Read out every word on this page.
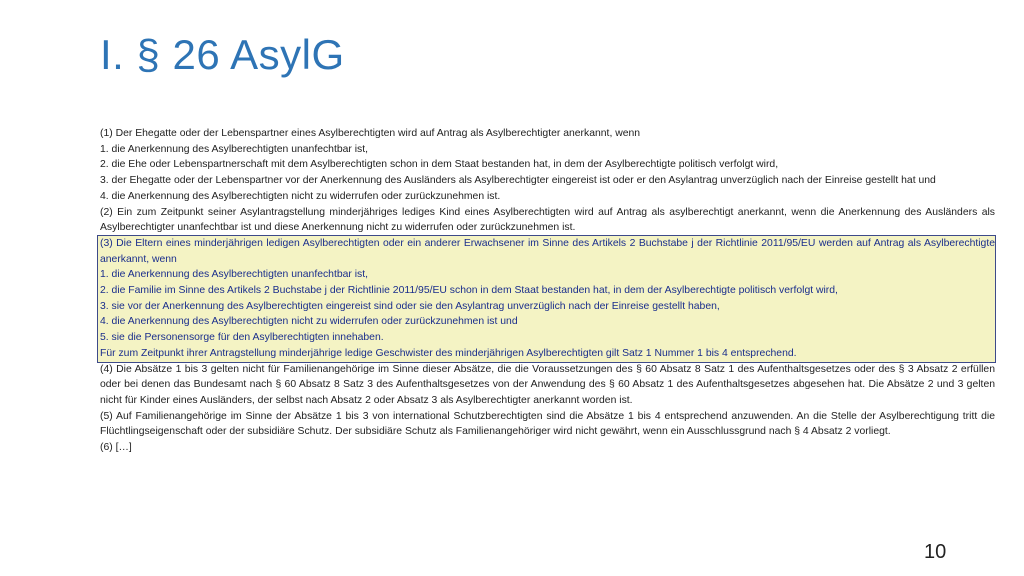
I. § 26 AsylG

(1) Der Ehegatte oder der Lebenspartner eines Asylberechtigten wird auf Antrag als Asylberechtigter anerkannt, wenn

1. die Anerkennung des Asylberechtigten unanfechtbar ist,

2. die Ehe oder Lebenspartnerschaft mit dem Asylberechtigten schon in dem Staat bestanden hat, in dem der Asylberechtigte politisch verfolgt wird,

3. der Ehegatte oder der Lebenspartner vor der Anerkennung des Ausländers als Asylberechtigter eingereist ist oder er den Asylantrag unverzüglich nach der Einreise gestellt hat und

4. die Anerkennung des Asylberechtigten nicht zu widerrufen oder zurückzunehmen ist.

(2) Ein zum Zeitpunkt seiner Asylantragstellung minderjähriges lediges Kind eines Asylberechtigten wird auf Antrag als asylberechtigt anerkannt, wenn die Anerkennung des Ausländers als Asylberechtigter unanfechtbar ist und diese Anerkennung nicht zu widerrufen oder zurückzunehmen ist.

(3) Die Eltern eines minderjährigen ledigen Asylberechtigten oder ein anderer Erwachsener im Sinne des Artikels 2 Buchstabe j der Richtlinie 2011/95/EU werden auf Antrag als Asylberechtigte anerkannt, wenn

1. die Anerkennung des Asylberechtigten unanfechtbar ist,

2. die Familie im Sinne des Artikels 2 Buchstabe j der Richtlinie 2011/95/EU schon in dem Staat bestanden hat, in dem der Asylberechtigte politisch verfolgt wird,

3. sie vor der Anerkennung des Asylberechtigten eingereist sind oder sie den Asylantrag unverzüglich nach der Einreise gestellt haben,

4. die Anerkennung des Asylberechtigten nicht zu widerrufen oder zurückzunehmen ist und

5. sie die Personensorge für den Asylberechtigten innehaben.

Für zum Zeitpunkt ihrer Antragstellung minderjährige ledige Geschwister des minderjährigen Asylberechtigten gilt Satz 1 Nummer 1 bis 4 entsprechend.

(4) Die Absätze 1 bis 3 gelten nicht für Familienangehörige im Sinne dieser Absätze, die die Voraussetzungen des § 60 Absatz 8 Satz 1 des Aufenthaltsgesetzes oder des § 3 Absatz 2 erfüllen oder bei denen das Bundesamt nach § 60 Absatz 8 Satz 3 des Aufenthaltsgesetzes von der Anwendung des § 60 Absatz 1 des Aufenthaltsgesetzes abgesehen hat. Die Absätze 2 und 3 gelten nicht für Kinder eines Ausländers, der selbst nach Absatz 2 oder Absatz 3 als Asylberechtigter anerkannt worden ist.

(5) Auf Familienangehörige im Sinne der Absätze 1 bis 3 von international Schutzberechtigten sind die Absätze 1 bis 4 entsprechend anzuwenden. An die Stelle der Asylberechtigung tritt die Flüchtlingseigenschaft oder der subsidiäre Schutz. Der subsidiäre Schutz als Familienangehöriger wird nicht gewährt, wenn ein Ausschlussgrund nach § 4 Absatz 2 vorliegt.

(6) […]

10
